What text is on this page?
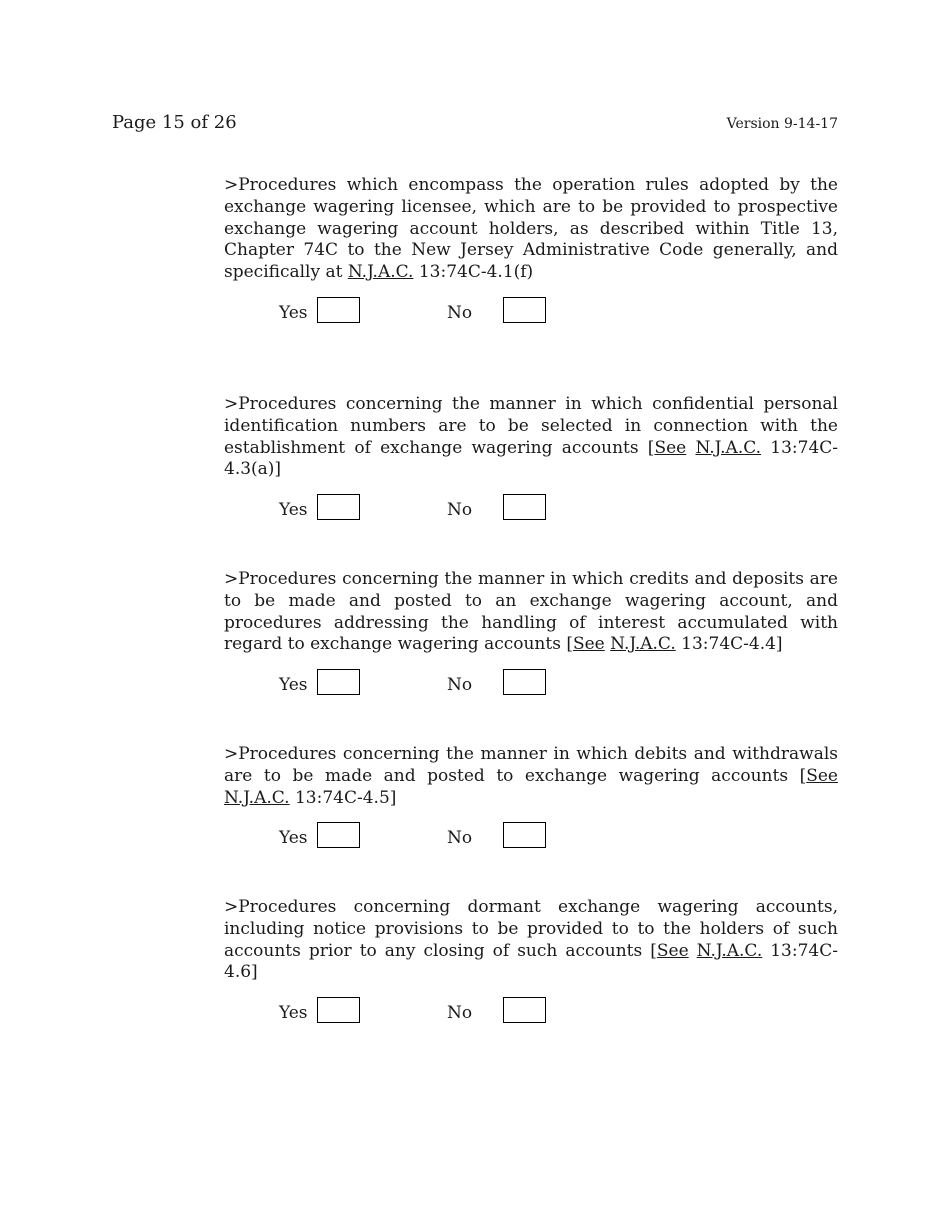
Page 15 of 26	Version 9-14-17

>Procedures which encompass the operation rules adopted by the exchange wagering licensee, which are to be provided to prospective exchange wagering account holders, as described within Title 13, Chapter 74C to the New Jersey Administrative Code generally, and specifically at N.J.A.C. 13:74C-4.1(f)

Yes	No

>Procedures concerning the manner in which confidential personal identification numbers are to be selected in connection with the establishment of exchange wagering accounts [See N.J.A.C. 13:74C-4.3(a)]

Yes	No

>Procedures concerning the manner in which credits and deposits are to be made and posted to an exchange wagering account, and procedures addressing the handling of interest accumulated with regard to exchange wagering accounts [See N.J.A.C. 13:74C-4.4]

Yes	No

>Procedures concerning the manner in which debits and withdrawals are to be made and posted to exchange wagering accounts [See N.J.A.C. 13:74C-4.5]

Yes	No

>Procedures concerning dormant exchange wagering accounts, including notice provisions to be provided to to the holders of such accounts prior to any closing of such accounts [See N.J.A.C. 13:74C-4.6]

Yes	No
